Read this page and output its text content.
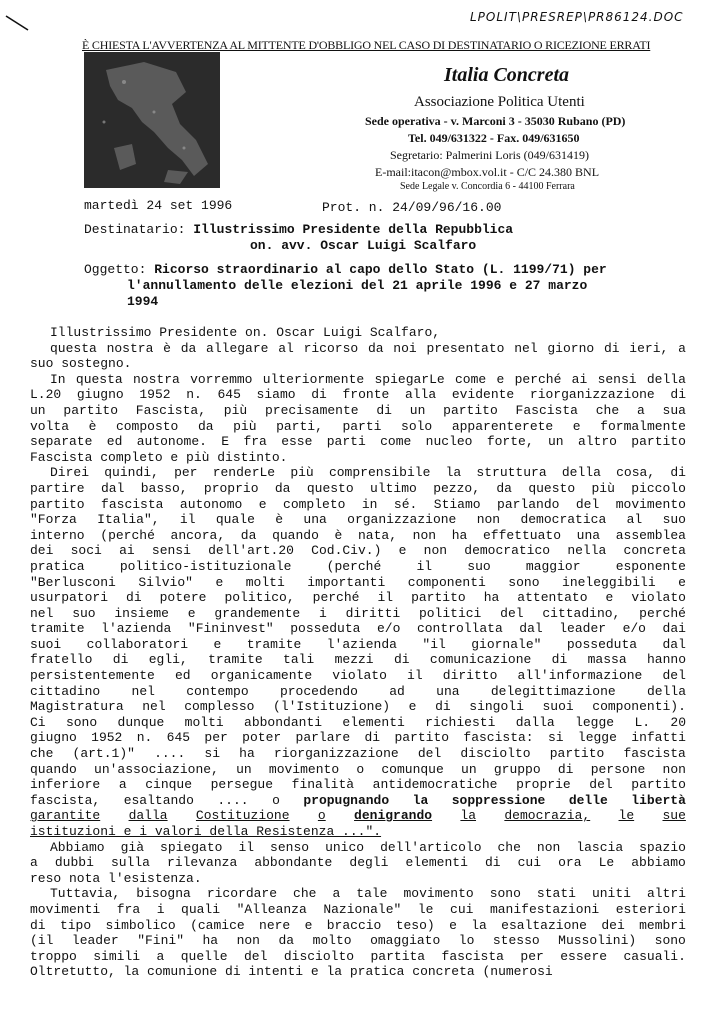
LPOLIT\PRESREP\PR86124.DOC
È CHIESTA L'AVVERTENZA AL MITTENTE D'OBBLIGO NEL CASO DI DESTINATARIO O RICEZIONE ERRATI
Italia Concreta
Associazione Politica Utenti
Sede operativa - v. Marconi 3 - 35030 Rubano (PD)
Tel. 049/631322 - Fax. 049/631650
Segretario: Palmerini Loris (049/631419)
E-mail:itacon@mbox.vol.it - C/C 24.380 BNL
Sede Legale v. Concordia 6 - 44100 Ferrara
martedì 24 set 1996	Prot. n. 24/09/96/16.00
Destinatario: Illustrissimo Presidente della Repubblica
on. avv. Oscar Luigi Scalfaro
Oggetto: Ricorso straordinario al capo dello Stato (L. 1199/71) per
l'annullamento delle elezioni del 21 aprile 1996 e 27 marzo
1994
Illustrissimo Presidente on. Oscar Luigi Scalfaro,
questa nostra è da allegare al ricorso da noi presentato nel giorno di ieri, a
suo sostegno.
In questa nostra vorremmo ulteriormente spiegarLe come e perché ai sensi della
L.20 giugno 1952 n. 645 siamo di fronte alla evidente riorganizzazione di
un partito Fascista, più precisamente di un partito Fascista che a sua
volta è composto da più parti, parti solo apparenterete e formalmente
separate ed autonome. E fra esse parti come nucleo forte, un altro partito
Fascista completo e più distinto.
Direi quindi, per renderLe più comprensibile la struttura della cosa, di
partire dal basso, proprio da questo ultimo pezzo, da questo più piccolo
partito fascista autonomo e completo in sé. Stiamo parlando del movimento
"Forza Italia", il quale è una organizzazione non democratica al suo
interno (perché ancora, da quando è nata, non ha effettuato una assemblea
dei soci ai sensi dell'art.20 Cod.Civ.) e non democratico nella concreta
pratica	politico-istituzionale	(perché	il	suo	maggior	esponente
"Berlusconi Silvio" e molti importanti componenti sono ineleggibili e
usurpatori di potere politico, perché il partito ha attentato e violato
nel suo insieme e grandemente i diritti politici del cittadino, perché
tramite l'azienda "Fininvest" posseduta e/o controllata dal leader e/o dai
suoi collaboratori e tramite l'azienda "il giornale" posseduta dal
fratello di egli, tramite tali mezzi di comunicazione di massa hanno
persistentemente ed organicamente violato il diritto all'informazione del
cittadino nel contempo procedendo ad una delegittimazione della
Magistratura nel complesso (l'Istituzione) e di singoli suoi componenti).
Ci sono dunque molti abbondanti elementi richiesti dalla legge L. 20
giugno 1952 n. 645 per poter parlare di partito fascista: si legge infatti
che (art.1)" .... si ha riorganizzazione del disciolto partito fascista
quando un'associazione, un movimento o comunque un gruppo di persone non
inferiore a cinque persegue finalità antidemocratiche proprie del partito
fascista, esaltando .... o propugnando la soppressione delle libertà
garantite dalla Costituzione o denigrando la democrazia, le sue
istituzioni e i valori della Resistenza ...".
Abbiamo già spiegato il senso unico dell'articolo che non lascia spazio
a dubbi sulla rilevanza abbondante degli elementi di cui ora Le abbiamo
reso nota l'esistenza.
Tuttavia, bisogna ricordare che a tale movimento sono stati uniti altri
movimenti fra i quali "Alleanza Nazionale" le cui manifestazioni esteriori
di tipo simbolico (camice nere e braccio teso) e la esaltazione dei membri
(il leader "Fini" ha non da molto omaggiato lo stesso Mussolini) sono
troppo simili a quelle del disciolto partita fascista per essere casuali.
Oltretutto, la comunione di intenti e la pratica concreta (numerosi
